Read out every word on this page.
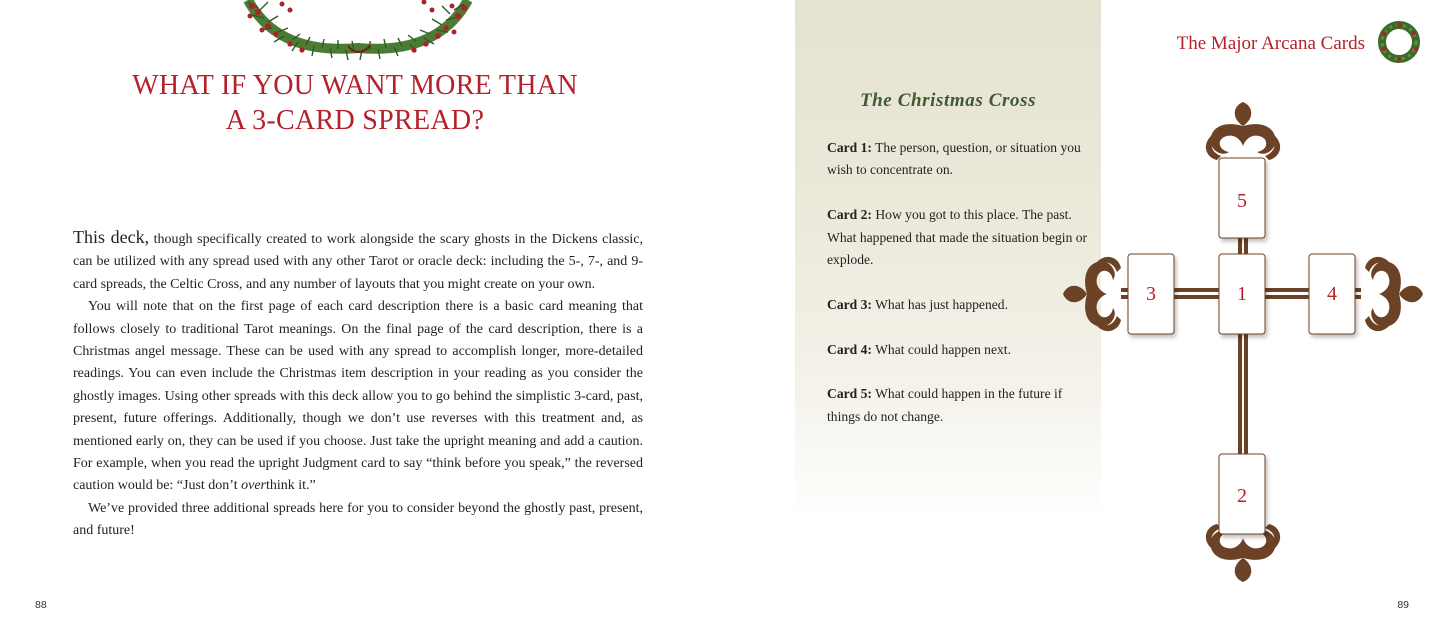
WHAT IF YOU WANT MORE THAN
A 3-CARD SPREAD?

This deck, though specifically created to work alongside the scary ghosts in the Dickens classic, can be utilized with any spread used with any other Tarot or oracle deck: including the 5-, 7-, and 9-card spreads, the Celtic Cross, and any number of layouts that you might create on your own.

You will note that on the first page of each card description there is a basic card meaning that follows closely to traditional Tarot meanings. On the final page of the card description, there is a Christmas angel message. These can be used with any spread to accomplish longer, more-detailed readings. You can even include the Christmas item description in your reading as you consider the ghostly images. Using other spreads with this deck allow you to go behind the simplistic 3-card, past, present, future offerings. Additionally, though we don’t use reverses with this treatment and, as mentioned early on, they can be used if you choose. Just take the upright meaning and add a caution. For example, when you read the upright Judgment card to say “think before you speak,” the reversed caution would be: “Just don’t overthink it.”

We’ve provided three additional spreads here for you to consider beyond the ghostly past, present, and future!

88
The Christmas Cross
Card 1: The person, question, or situation you wish to concentrate on.
Card 2: How you got to this place. The past. What happened that made the situation begin or explode.
Card 3: What has just happened.
Card 4: What could happen next.
Card 5: What could happen in the future if things do not change.
The Major Arcana Cards
5
1
3	4
2
89
